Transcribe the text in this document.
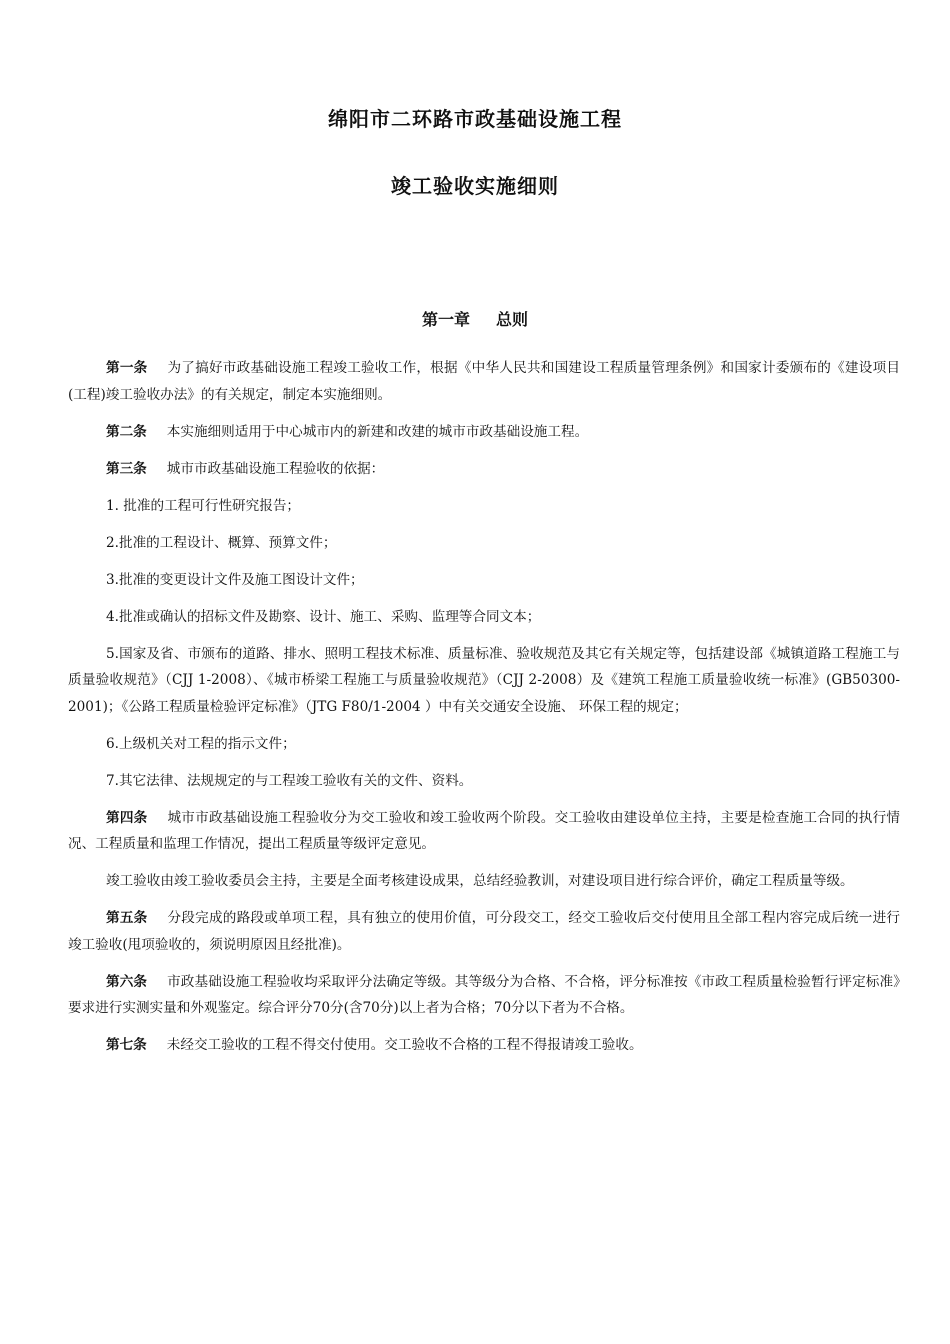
绵阳市二环路市政基础设施工程
竣工验收实施细则
第一章 总则

第一条 为了搞好市政基础设施工程竣工验收工作，根据《中华人民共和国建设工程质量管理条例》和国家计委颁布的《建设项目(工程)竣工验收办法》的有关规定，制定本实施细则。

第二条 本实施细则适用于中心城市内的新建和改建的城市市政基础设施工程。

第三条 城市市政基础设施工程验收的依据：

1. 批准的工程可行性研究报告；

2.批准的工程设计、概算、预算文件；

3.批准的变更设计文件及施工图设计文件；

4.批准或确认的招标文件及勘察、设计、施工、采购、监理等合同文本；

5.国家及省、市颁布的道路、排水、照明工程技术标准、质量标准、验收规范及其它有关规定等，包括建设部《城镇道路工程施工与质量验收规范》（CJJ 1-2008）、《城市桥梁工程施工与质量验收规范》（CJJ 2-2008）及《建筑工程施工质量验收统一标准》(GB50300-2001)；《公路工程质量检验评定标准》（JTG F80/1-2004 ）中有关交通安全设施、 环保工程的规定；

6.上级机关对工程的指示文件；

7.其它法律、法规规定的与工程竣工验收有关的文件、资料。

第四条 城市市政基础设施工程验收分为交工验收和竣工验收两个阶段。交工验收由建设单位主持，主要是检查施工合同的执行情况、工程质量和监理工作情况，提出工程质量等级评定意见。

竣工验收由竣工验收委员会主持，主要是全面考核建设成果，总结经验教训，对建设项目进行综合评价，确定工程质量等级。

第五条 分段完成的路段或单项工程，具有独立的使用价值，可分段交工，经交工验收后交付使用且全部工程内容完成后统一进行竣工验收(甩项验收的，须说明原因且经批准)。

第六条 市政基础设施工程验收均采取评分法确定等级。其等级分为合格、不合格，评分标准按《市政工程质量检验暂行评定标准》要求进行实测实量和外观鉴定。综合评分70分(含70分)以上者为合格；70分以下者为不合格。

第七条 未经交工验收的工程不得交付使用。交工验收不合格的工程不得报请竣工验收。
